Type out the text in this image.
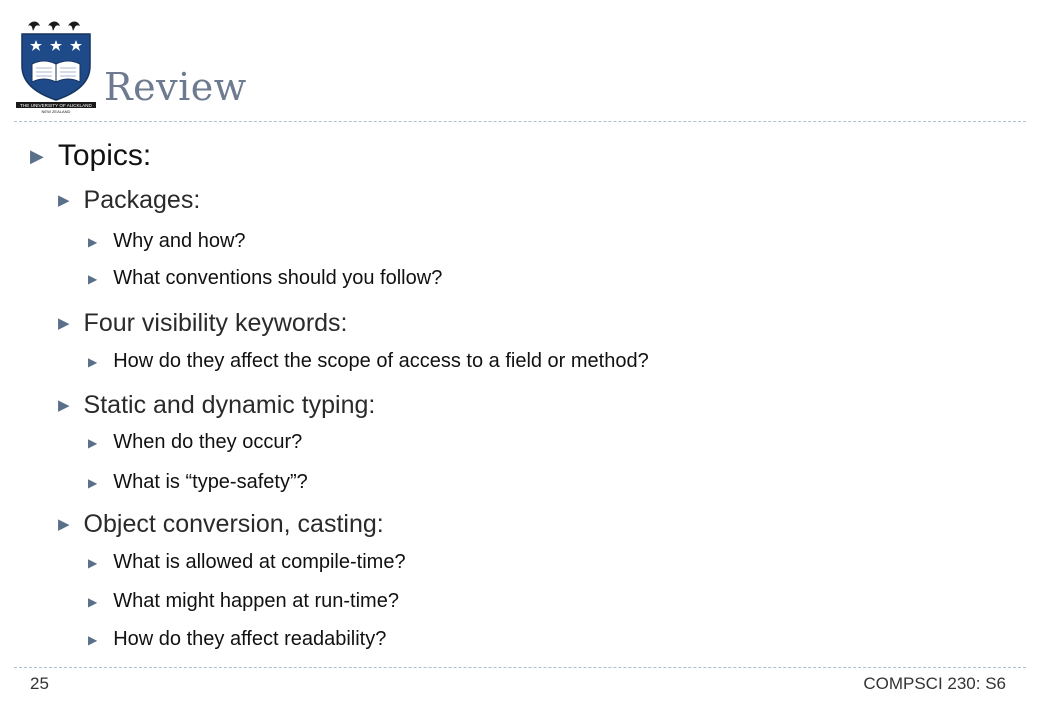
THE UNIVERSITY OF AUCKLAND
NEW ZEALAND
Review
▶ Topics:
▶ Packages:
▶ Why and how?
▶ What conventions should you follow?
▶ Four visibility keywords:
▶ How do they affect the scope of access to a field or method?
▶ Static and dynamic typing:
▶ When do they occur?
▶ What is “type-safety”?
▶ Object conversion, casting:
▶ What is allowed at compile-time?
▶ What might happen at run-time?
▶ How do they affect readability?
25	COMPSCI 230: S6
